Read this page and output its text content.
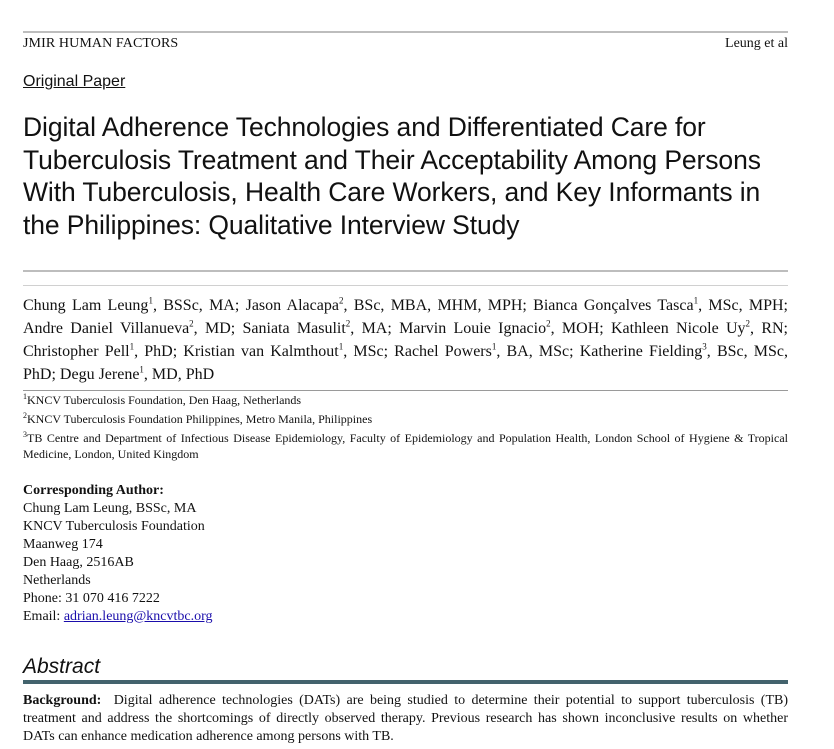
JMIR HUMAN FACTORS	Leung et al
Original Paper
Digital Adherence Technologies and Differentiated Care for Tuberculosis Treatment and Their Acceptability Among Persons With Tuberculosis, Health Care Workers, and Key Informants in the Philippines: Qualitative Interview Study
Chung Lam Leung$^1$, BSSc, MA; Jason Alacapa$^2$, BSc, MBA, MHM, MPH; Bianca Gonçalves Tasca$^1$, MSc, MPH; Andre Daniel Villanueva$^2$, MD; Saniata Masulit$^2$, MA; Marvin Louie Ignacio$^2$, MOH; Kathleen Nicole Uy$^2$, RN; Christopher Pell$^1$, PhD; Kristian van Kalmthout$^1$, MSc; Rachel Powers$^1$, BA, MSc; Katherine Fielding$^3$, BSc, MSc, PhD; Degu Jerene$^1$, MD, PhD

$^1$KNCV Tuberculosis Foundation, Den Haag, Netherlands

$^2$KNCV Tuberculosis Foundation Philippines, Metro Manila, Philippines

$^3$TB Centre and Department of Infectious Disease Epidemiology, Faculty of Epidemiology and Population Health, London School of Hygiene & Tropical Medicine, London, United Kingdom

Corresponding Author:
Chung Lam Leung, BSSc, MA
KNCV Tuberculosis Foundation
Maanweg 174
Den Haag, 2516AB
Netherlands
Phone: 31 070 416 7222
Email: adrian.leung@kncvtbc.org
Abstract

Background: Digital adherence technologies (DATs) are being studied to determine their potential to support tuberculosis (TB) treatment and address the shortcomings of directly observed therapy. Previous research has shown inconclusive results on whether DATs can enhance medication adherence among persons with TB.
